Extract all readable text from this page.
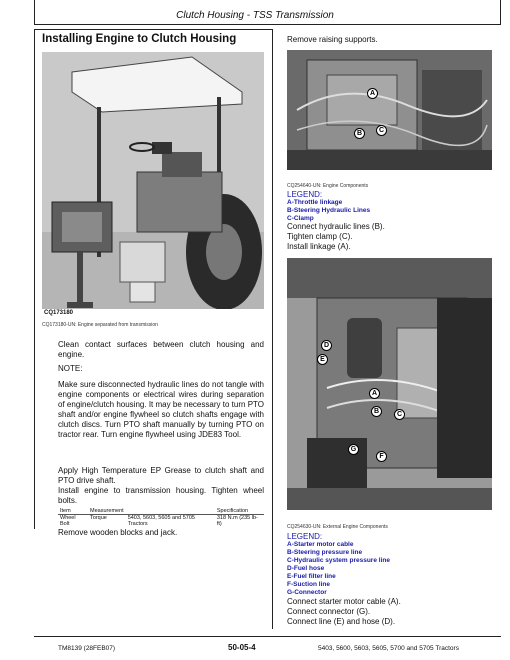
Clutch Housing - TSS Transmission
Installing Engine to Clutch Housing
CQ173180
CQ173180-UN: Engine separated from transmission
Clean contact surfaces between clutch housing and engine.
NOTE:
Make sure disconnected hydraulic lines do not tangle with engine components or electrical wires during separation of engine/clutch housing. It may be necessary to turn PTO shaft and/or engine flywheel so clutch shafts engage with clutch discs. Turn PTO shaft manually by turning PTO on tractor rear. Turn engine flywheel using JDE83 Tool.
Apply High Temperature EP Grease to clutch shaft and PTO drive shaft.
Install engine to transmission housing. Tighten wheel bolts.
Item	Measurement		Specification
Wheel Bolt	Torque	5403, 5603, 5605 and 5705 Tractors	318 N.m (235 lb-ft)
Remove wooden blocks and jack.
Remove raising supports.
A
B	C
CQ254640-UN: Engine Components
LEGEND:
A-Throttle linkage
B-Steering Hydraulic Lines
C-Clamp
Connect hydraulic lines (B).
Tighten clamp (C).
Install linkage (A).
D
E
A
B	C
G
F
CQ254630-UN: External Engine Components
LEGEND:
A-Starter motor cable
B-Steering pressure line
C-Hydraulic system pressure line
D-Fuel hose
E-Fuel filter line
F-Suction line
G-Connector
Connect starter motor cable (A).
Connect connector (G).
Connect line (E) and hose (D).
TM8139 (28FEB07)	50-05-4	5403, 5600, 5603, 5605, 5700 and 5705 Tractors
